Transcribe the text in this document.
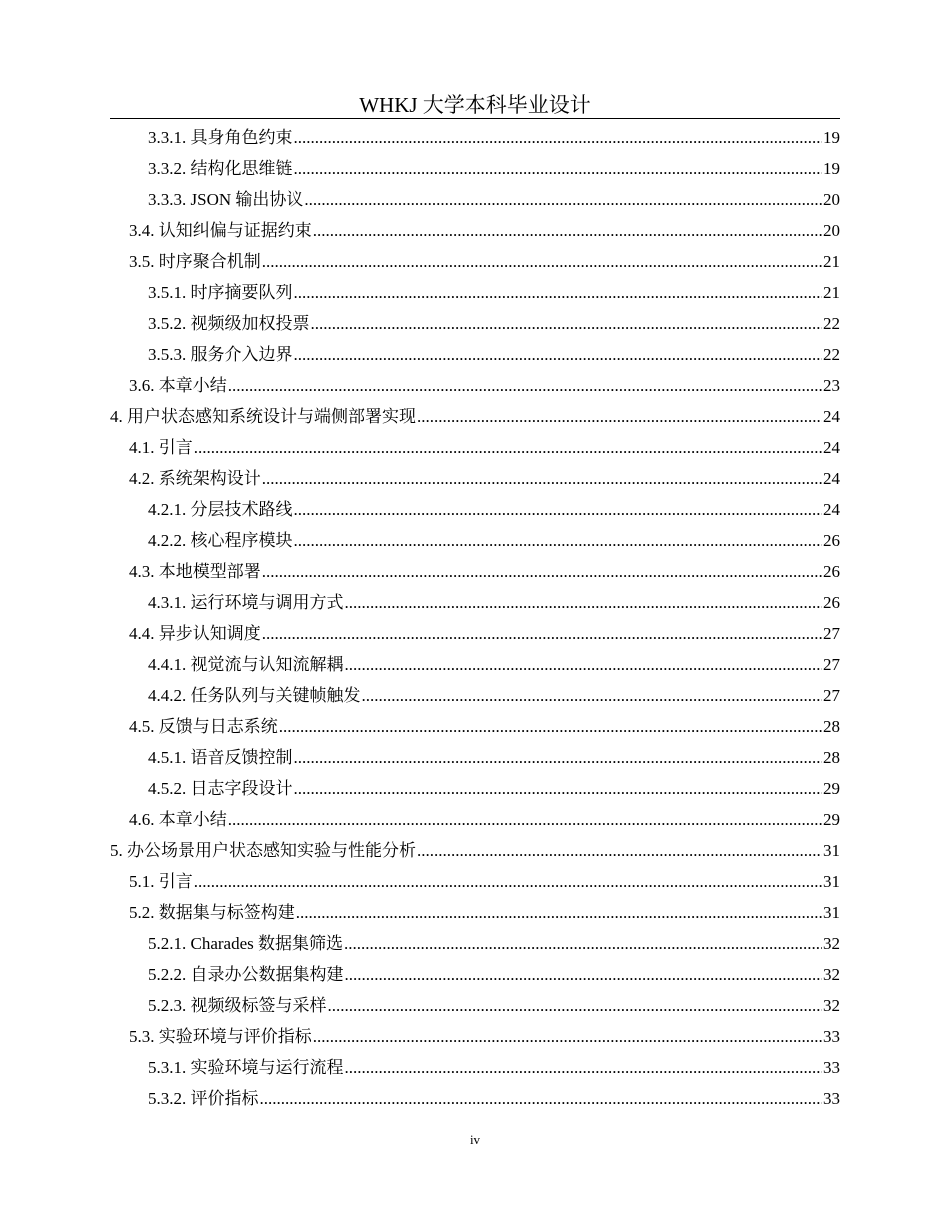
WHKJ 大学本科毕业设计
3.3.1. 具身角色约束 .....	19
3.3.2. 结构化思维链 .....	19
3.3.3. JSON 输出协议 .....	20
3.4. 认知纠偏与证据约束 .....	20
3.5. 时序聚合机制 .....	21
3.5.1. 时序摘要队列 .....	21
3.5.2. 视频级加权投票 .....	22
3.5.3. 服务介入边界 .....	22
3.6. 本章小结 .....	23
4. 用户状态感知系统设计与端侧部署实现 .....	24
4.1. 引言 .....	24
4.2. 系统架构设计 .....	24
4.2.1. 分层技术路线 .....	24
4.2.2. 核心程序模块 .....	26
4.3. 本地模型部署 .....	26
4.3.1. 运行环境与调用方式 .....	26
4.4. 异步认知调度 .....	27
4.4.1. 视觉流与认知流解耦 .....	27
4.4.2. 任务队列与关键帧触发 .....	27
4.5. 反馈与日志系统 .....	28
4.5.1. 语音反馈控制 .....	28
4.5.2. 日志字段设计 .....	29
4.6. 本章小结 .....	29
5. 办公场景用户状态感知实验与性能分析 .....	31
5.1. 引言 .....	31
5.2. 数据集与标签构建 .....	31
5.2.1. Charades 数据集筛选 .....	32
5.2.2. 自录办公数据集构建 .....	32
5.2.3. 视频级标签与采样 .....	32
5.3. 实验环境与评价指标 .....	33
5.3.1. 实验环境与运行流程 .....	33
5.3.2. 评价指标 .....	33
iv
